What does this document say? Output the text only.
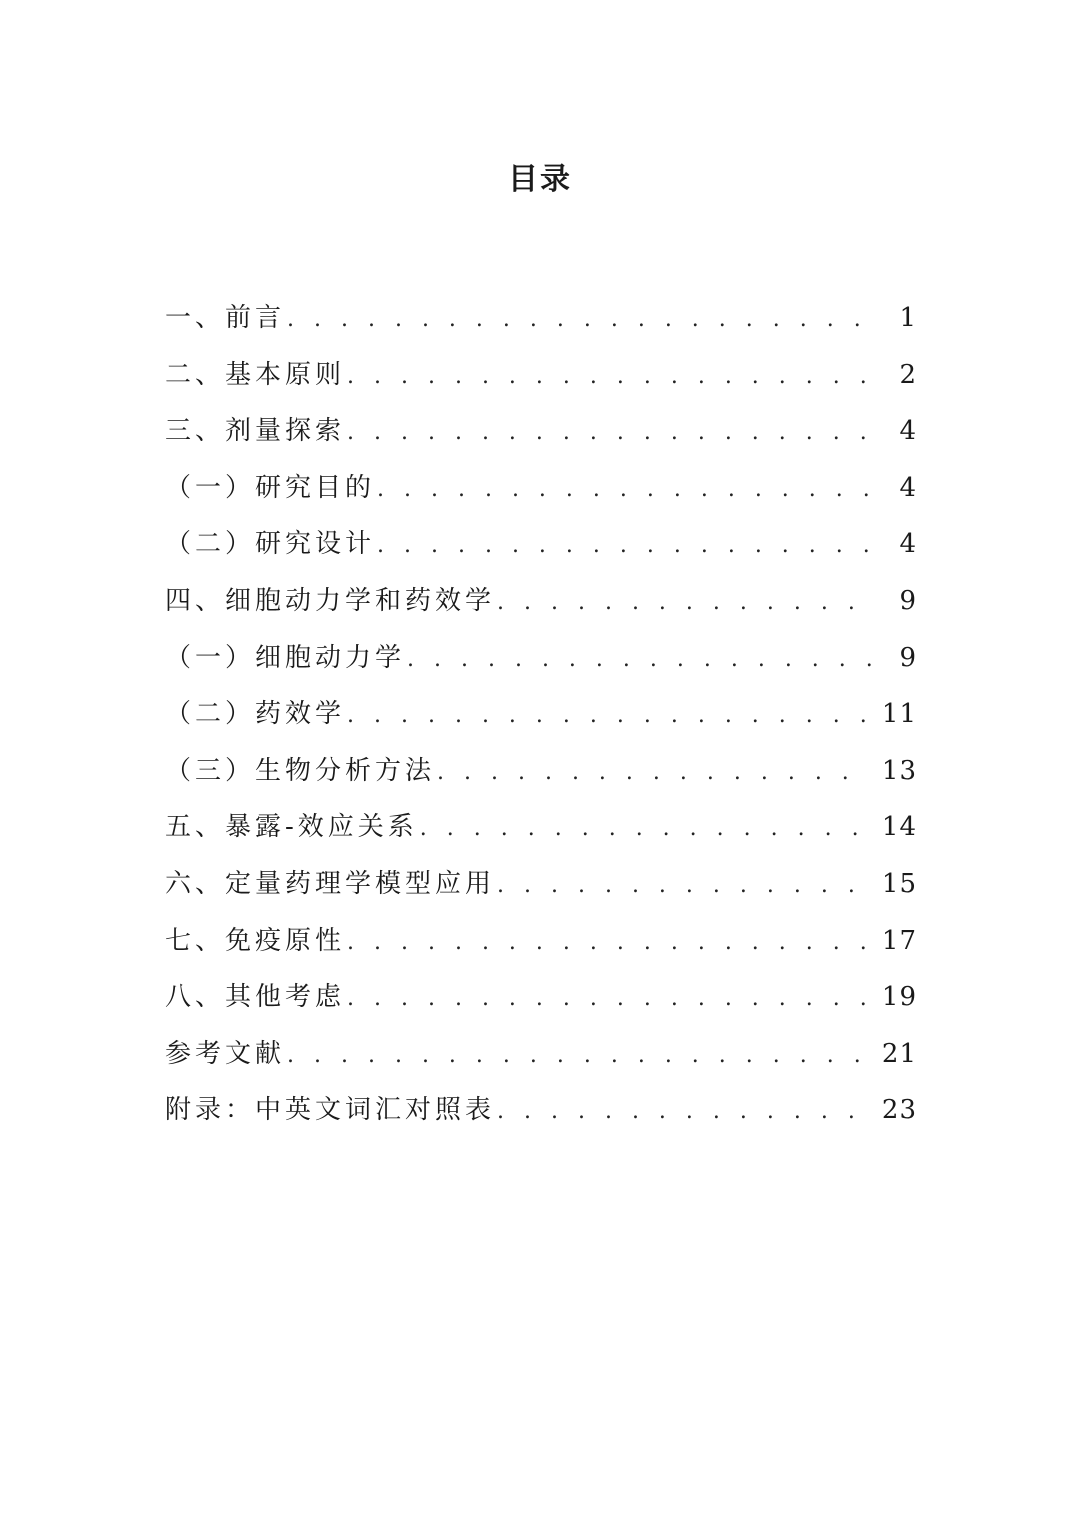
目录
一、前言 . . .	1
二、基本原则 . . .	2
三、剂量探索 . . .	4
（一）研究目的 . . .	4
（二）研究设计 . . .	4
四、细胞动力学和药效学 . . .	9
（一）细胞动力学 . . .	9
（二）药效学 . . .	11
（三）生物分析方法 . . .	13
五、暴露-效应关系 . . .	14
六、定量药理学模型应用 . . .	15
七、免疫原性 . . .	17
八、其他考虑 . . .	19
参考文献 . . .	21
附录：中英文词汇对照表 . . .	23
